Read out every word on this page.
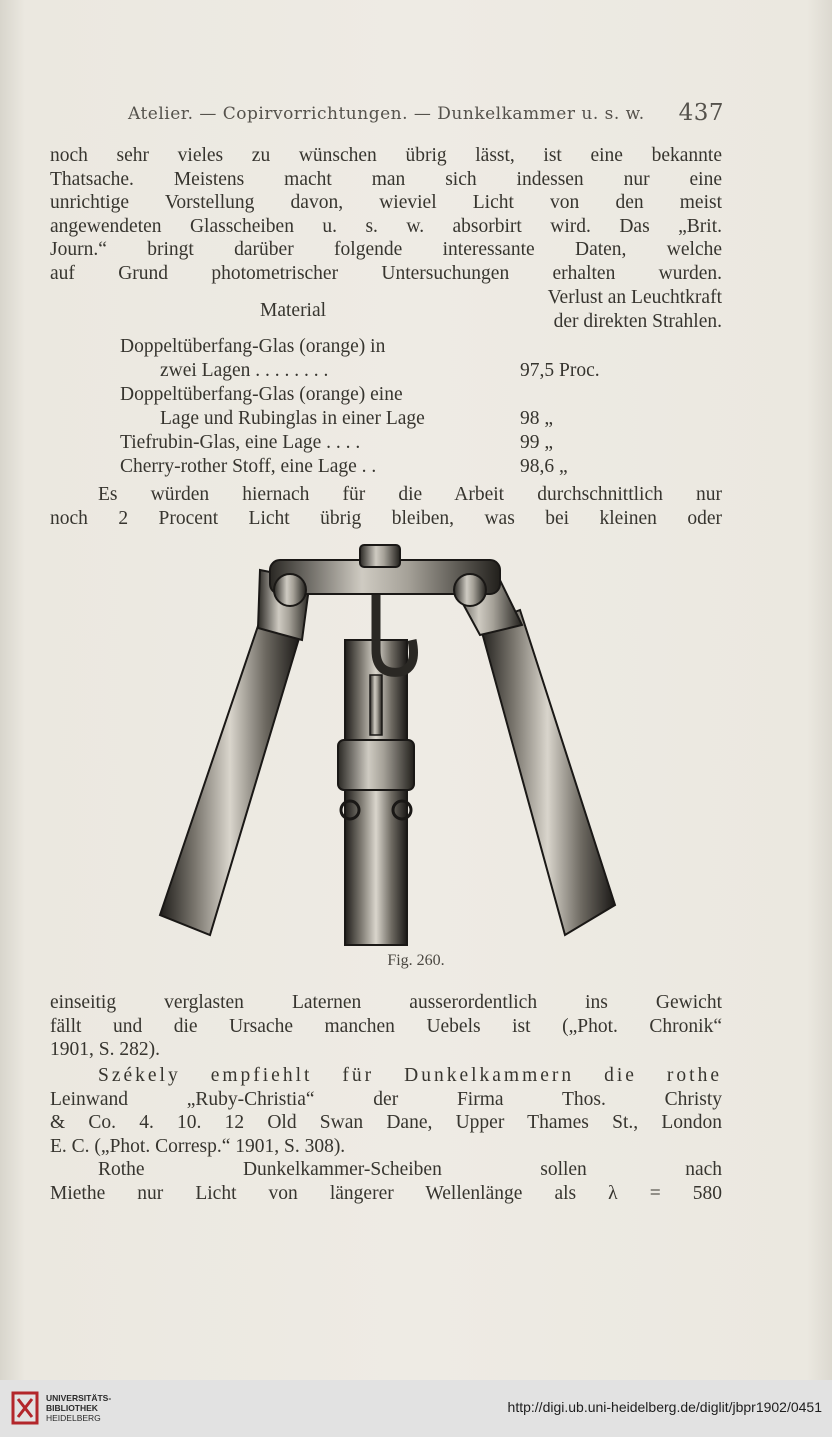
Atelier. — Copirvorrichtungen. — Dunkelkammer u. s. w. 437
noch sehr vieles zu wünschen übrig lässt, ist eine bekannte
Thatsache. Meistens macht man sich indessen nur eine
unrichtige Vorstellung davon, wieviel Licht von den meist
angewendeten Glasscheiben u. s. w. absorbirt wird. Das „Brit.
Journ.“ bringt darüber folgende interessante Daten, welche
auf Grund photometrischer Untersuchungen erhalten wurden.
Material
Verlust an Leuchtkraft
der direkten Strahlen.
Doppeltüberfang-Glas (orange) in
zwei Lagen . . . . . . . .	97,5 Proc.
Doppeltüberfang-Glas (orange) eine
Lage und Rubinglas in einer Lage	98 „
Tiefrubin-Glas, eine Lage . . . .	99 „
Cherry-rother Stoff, eine Lage . .	98,6 „
Es würden hiernach für die Arbeit durchschnittlich nur
noch 2 Procent Licht übrig bleiben, was bei kleinen oder
Fig. 260.
einseitig verglasten Laternen ausserordentlich ins Gewicht
fällt und die Ursache manchen Uebels ist („Phot. Chronik“
1901, S. 282).
Székely empfiehlt für Dunkelkammern die rothe
Leinwand „Ruby-Christia“ der Firma Thos. Christy
& Co. 4. 10. 12 Old Swan Dane, Upper Thames St., London
E. C. („Phot. Corresp.“ 1901, S. 308).
Rothe Dunkelkammer-Scheiben sollen nach
Miethe nur Licht von längerer Wellenlänge als λ = 580
UNIVERSITÄTS-
BIBLIOTHEK
HEIDELBERG
http://digi.ub.uni-heidelberg.de/diglit/jbpr1902/0451
